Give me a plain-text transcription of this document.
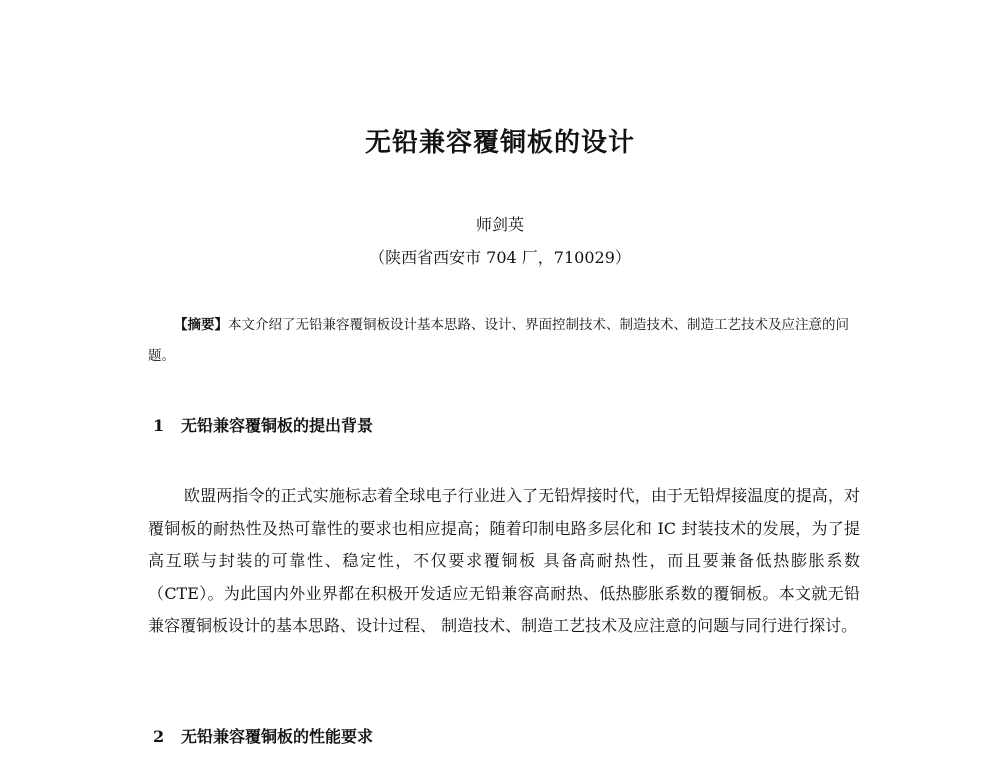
无铅兼容覆铜板的设计
师剑英
（陕西省西安市 704 厂，710029）
【摘要】本文介绍了无铅兼容覆铜板设计基本思路、设计、界面控制技术、制造技术、制造工艺技术及应注意的问题。
1 无铅兼容覆铜板的提出背景
欧盟两指令的正式实施标志着全球电子行业进入了无铅焊接时代，由于无铅焊接温度的提高，对覆铜板的耐热性及热可靠性的要求也相应提高；随着印制电路多层化和 IC 封装技术的发展，为了提高互联与封装的可靠性、稳定性，不仅要求覆铜板 具备高耐热性，而且要兼备低热膨胀系数（CTE）。为此国内外业界都在积极开发适应无铅兼容高耐热、低热膨胀系数的覆铜板。本文就无铅兼容覆铜板设计的基本思路、设计过程、 制造技术、制造工艺技术及应注意的问题与同行进行探讨。
2 无铅兼容覆铜板的性能要求
